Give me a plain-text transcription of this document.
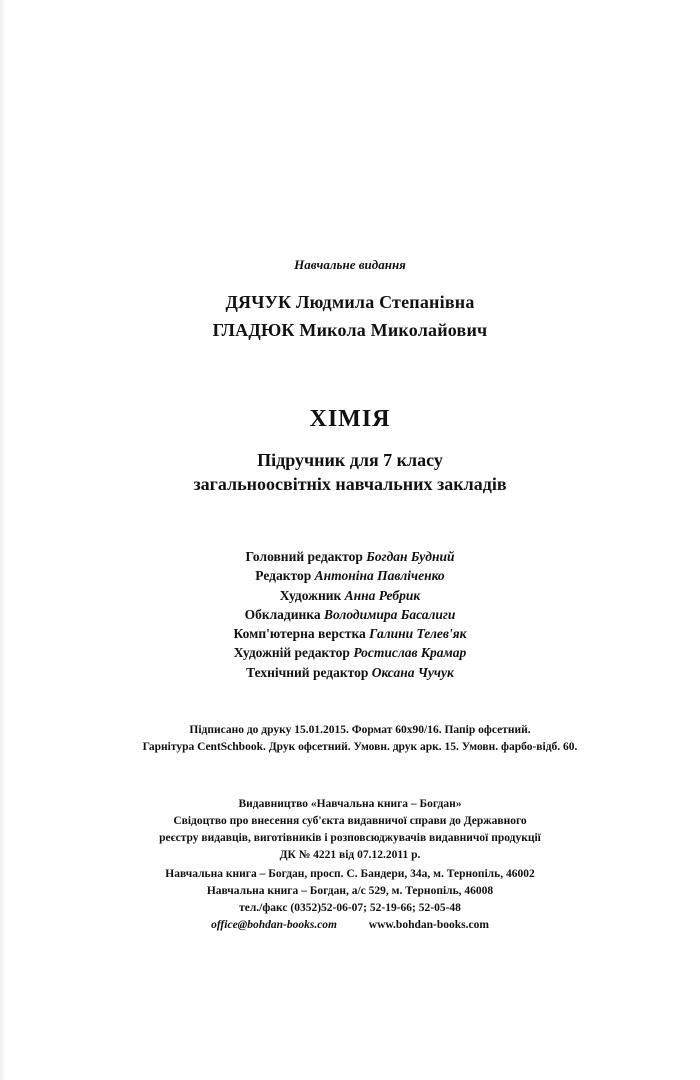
Навчальне видання
ДЯЧУК Людмила Степанівна
ГЛАДЮК Микола Миколайович
ХІМІЯ
Підручник для 7 класу
загальноосвітніх навчальних закладів
Головний редактор Богдан Будний
Редактор Антоніна Павліченко
Художник Анна Ребрик
Обкладинка Володимира Басалиги
Комп'ютерна верстка Галини Телев'як
Художній редактор Ростислав Крамар
Технічний редактор Оксана Чучук
Підписано до друку 15.01.2015. Формат 60х90/16. Папір офсетний.
Гарнітура CentSchbook. Друк офсетний. Умовн. друк арк. 15. Умовн. фарбо-відб. 60.
Видавництво «Навчальна книга – Богдан»
Свідоцтво про внесення суб'єкта видавничої справи до Державного
реєстру видавців, виготівників і розповсюджувачів видавничої продукції
ДК № 4221 від 07.12.2011 р.
Навчальна книга – Богдан, просп. С. Бандери, 34а, м. Тернопіль, 46002
Навчальна книга – Богдан, а/с 529, м. Тернопіль, 46008
тел./факс (0352)52-06-07; 52-19-66; 52-05-48
office@bohdan-books.com	www.bohdan-books.com
